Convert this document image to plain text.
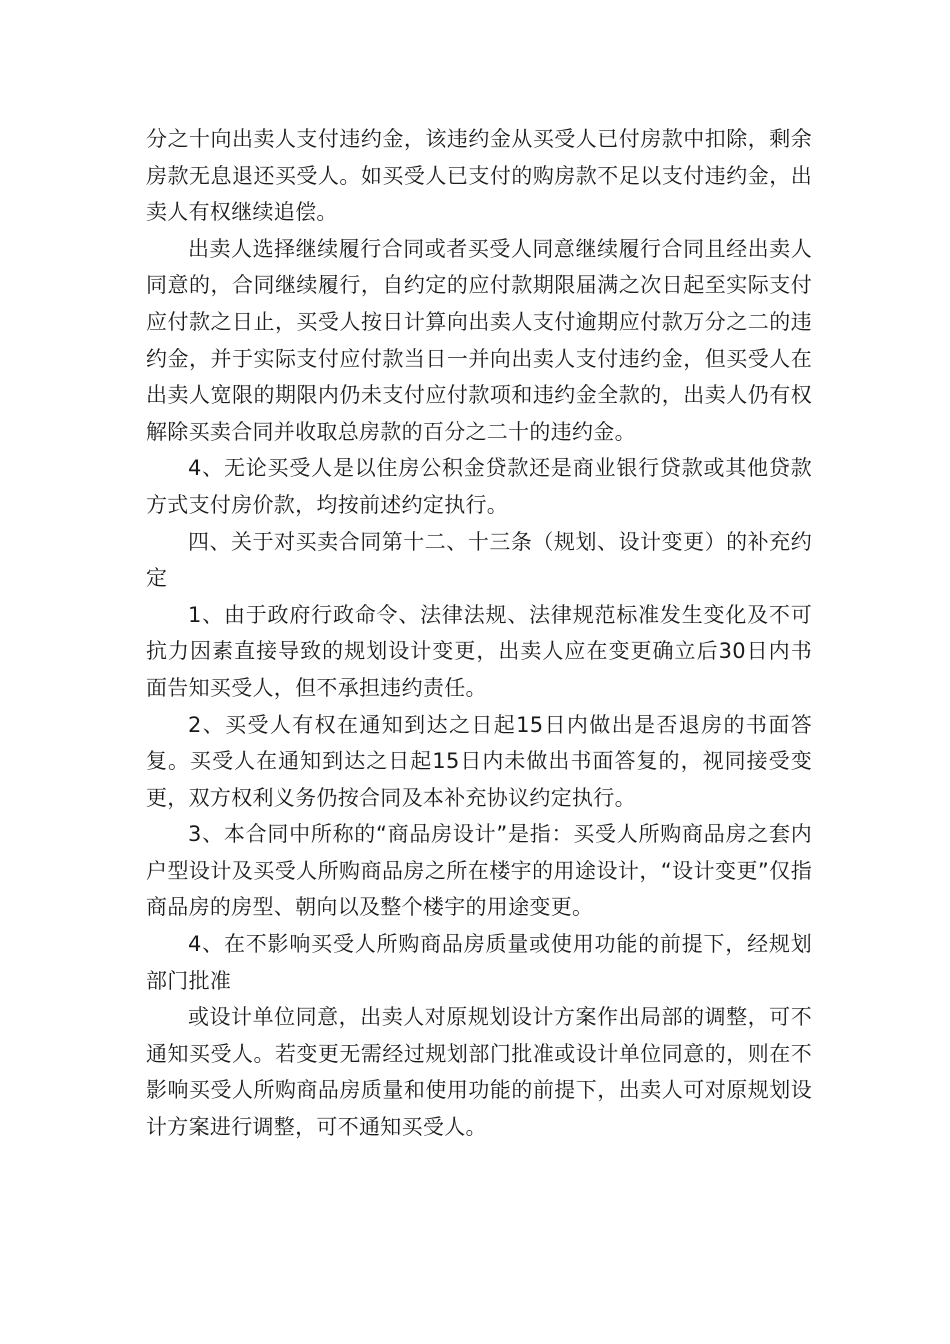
分之十向出卖人支付违约金，该违约金从买受人已付房款中扣除，剩余房款无息退还买受人。如买受人已支付的购房款不足以支付违约金，出卖人有权继续追偿。

出卖人选择继续履行合同或者买受人同意继续履行合同且经出卖人同意的，合同继续履行，自约定的应付款期限届满之次日起至实际支付应付款之日止，买受人按日计算向出卖人支付逾期应付款万分之二的违约金，并于实际支付应付款当日一并向出卖人支付违约金，但买受人在出卖人宽限的期限内仍未支付应付款项和违约金全款的，出卖人仍有权解除买卖合同并收取总房款的百分之二十的违约金。

4、无论买受人是以住房公积金贷款还是商业银行贷款或其他贷款方式支付房价款，均按前述约定执行。

四、关于对买卖合同第十二、十三条（规划、设计变更）的补充约定

1、由于政府行政命令、法律法规、法律规范标准发生变化及不可抗力因素直接导致的规划设计变更，出卖人应在变更确立后30日内书面告知买受人，但不承担违约责任。

2、买受人有权在通知到达之日起15日内做出是否退房的书面答复。买受人在通知到达之日起15日内未做出书面答复的，视同接受变更，双方权利义务仍按合同及本补充协议约定执行。

3、本合同中所称的“商品房设计”是指：买受人所购商品房之套内户型设计及买受人所购商品房之所在楼宇的用途设计，“设计变更”仅指商品房的房型、朝向以及整个楼宇的用途变更。

4、在不影响买受人所购商品房质量或使用功能的前提下，经规划部门批准

或设计单位同意，出卖人对原规划设计方案作出局部的调整，可不通知买受人。若变更无需经过规划部门批准或设计单位同意的，则在不影响买受人所购商品房质量和使用功能的前提下，出卖人可对原规划设计方案进行调整，可不通知买受人。
